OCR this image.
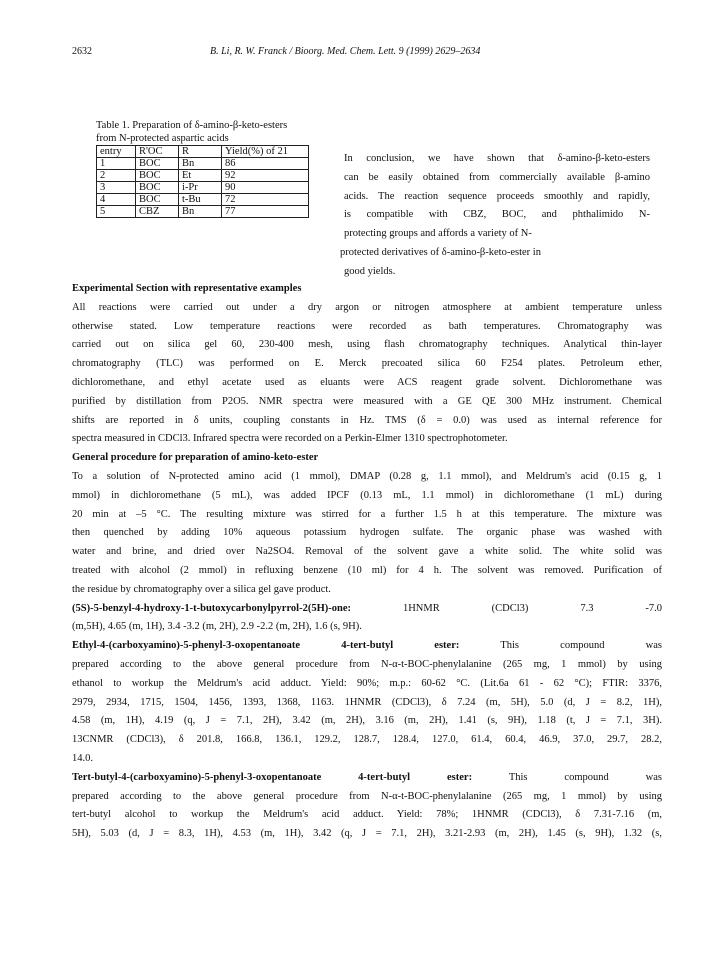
2632	B. Li, R. W. Franck / Bioorg. Med. Chem. Lett. 9 (1999) 2629–2634
Table 1. Preparation of δ-amino-β-keto-esters
from N-protected aspartic acids
entry	R'OC	R	Yield(%) of 21
1	BOC	Bn	86
2	BOC	Et	92
3	BOC	i-Pr	90
4	BOC	t-Bu	72
5	CBZ	Bn	77
In conclusion, we have shown that δ-amino-β-keto-esters
can be easily obtained from commercially available β-amino
acids. The reaction sequence proceeds smoothly and rapidly,
is compatible with CBZ, BOC, and phthalimido N-
protecting groups and affords a variety of N-
protected derivatives of δ-amino-β-keto-ester in
good yields.
Experimental Section with representative examples
All reactions were carried out under a dry argon or nitrogen atmosphere at ambient temperature unless
otherwise stated. Low temperature reactions were recorded as bath temperatures. Chromatography was
carried out on silica gel 60, 230-400 mesh, using flash chromatography techniques. Analytical thin-layer
chromatography (TLC) was performed on E. Merck precoated silica 60 F254 plates. Petroleum ether,
dichloromethane, and ethyl acetate used as eluants were ACS reagent grade solvent. Dichloromethane was
purified by distillation from P2O5. NMR spectra were measured with a GE QE 300 MHz instrument. Chemical
shifts are reported in δ units, coupling constants in Hz. TMS (δ = 0.0) was used as internal reference for
spectra measured in CDCl3. Infrared spectra were recorded on a Perkin-Elmer 1310 spectrophotometer.
General procedure for preparation of amino-keto-ester
To a solution of N-protected amino acid (1 mmol), DMAP (0.28 g, 1.1 mmol), and Meldrum's acid (0.15 g, 1
mmol) in dichloromethane (5 mL), was added IPCF (0.13 mL, 1.1 mmol) in dichloromethane (1 mL) during
20 min at –5 °C. The resulting mixture was stirred for a further 1.5 h at this temperature. The mixture was
then quenched by adding 10% aqueous potassium hydrogen sulfate. The organic phase was washed with
water and brine, and dried over Na2SO4. Removal of the solvent gave a white solid. The white solid was
treated with alcohol (2 mmol) in refluxing benzene (10 ml) for 4 h. The solvent was removed. Purification of
the residue by chromatography over a silica gel gave product.
(5S)-5-benzyl-4-hydroxy-1-t-butoxycarbonylpyrrol-2(5H)-one:	1HNMR (CDCl3) 7.3 -7.0
(m,5H), 4.65 (m, 1H), 3.4 -3.2 (m, 2H), 2.9 -2.2 (m, 2H), 1.6 (s, 9H).
Ethyl-4-(carboxyamino)-5-phenyl-3-oxopentanoate 4-tert-butyl ester:	This compound was
prepared according to the above general procedure from N-α-t-BOC-phenylalanine (265 mg, 1 mmol) by using
ethanol to workup the Meldrum's acid adduct. Yield: 90%; m.p.: 60-62 °C. (Lit.6a 61 - 62 °C); FTIR: 3376,
2979, 2934, 1715, 1504, 1456, 1393, 1368, 1163. 1HNMR (CDCl3), δ 7.24 (m, 5H), 5.0 (d, J = 8.2, 1H),
4.58 (m, 1H), 4.19 (q, J = 7.1, 2H), 3.42 (m, 2H), 3.16 (m, 2H), 1.41 (s, 9H), 1.18 (t, J = 7.1, 3H).
13CNMR (CDCl3), δ 201.8, 166.8, 136.1, 129.2, 128.7, 128.4, 127.0, 61.4, 60.4, 46.9, 37.0, 29.7, 28.2,
14.0.
Tert-butyl-4-(carboxyamino)-5-phenyl-3-oxopentanoate 4-tert-butyl ester:	This compound was
prepared according to the above general procedure from N-α-t-BOC-phenylalanine (265 mg, 1 mmol) by using
tert-butyl alcohol to workup the Meldrum's acid adduct. Yield: 78%; 1HNMR (CDCl3), δ 7.31-7.16 (m,
5H), 5.03 (d, J = 8.3, 1H), 4.53 (m, 1H), 3.42 (q, J = 7.1, 2H), 3.21-2.93 (m, 2H), 1.45 (s, 9H), 1.32 (s,
